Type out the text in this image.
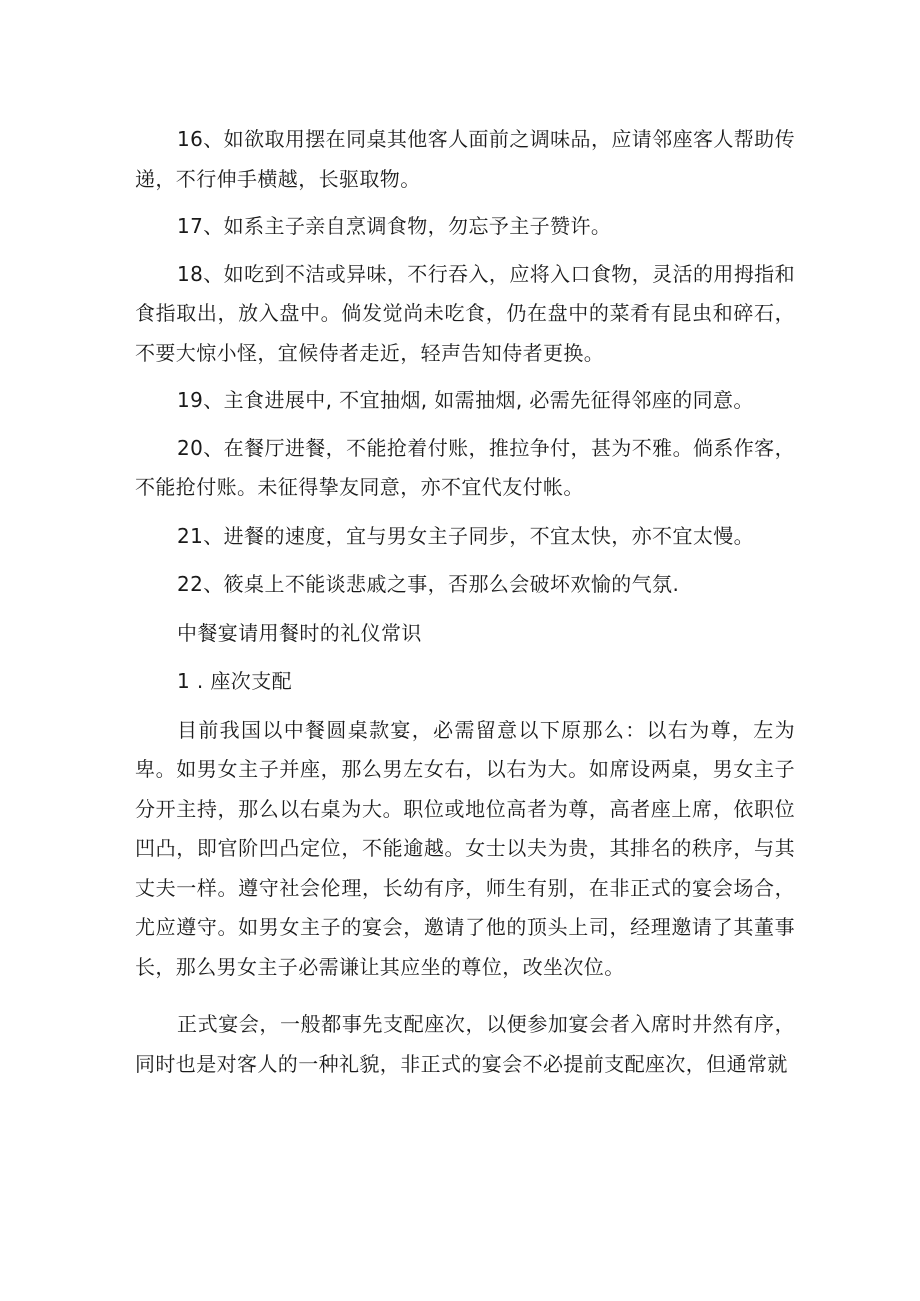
16、如欲取用摆在同桌其他客人面前之调味品，应请邻座客人帮助传递，不行伸手横越，长驱取物。

17、如系主子亲自烹调食物，勿忘予主子赞许。

18、如吃到不洁或异味，不行吞入，应将入口食物，灵活的用拇指和食指取出，放入盘中。倘发觉尚未吃食，仍在盘中的菜肴有昆虫和碎石，不要大惊小怪，宜候侍者走近，轻声告知侍者更换。

19、主食进展中, 不宜抽烟, 如需抽烟, 必需先征得邻座的同意。

20、在餐厅进餐，不能抢着付账，推拉争付，甚为不雅。倘系作客，不能抢付账。未征得挚友同意，亦不宜代友付帐。

21、进餐的速度，宜与男女主子同步，不宜太快，亦不宜太慢。

22、筱桌上不能谈悲戚之事，否那么会破坏欢愉的气氛.

中餐宴请用餐时的礼仪常识

1 . 座次支配

目前我国以中餐圆桌款宴，必需留意以下原那么：以右为尊，左为卑。如男女主子并座，那么男左女右，以右为大。如席设两桌，男女主子分开主持，那么以右桌为大。职位或地位高者为尊，高者座上席，依职位凹凸，即官阶凹凸定位，不能逾越。女士以夫为贵，其排名的秩序，与其丈夫一样。遵守社会伦理，长幼有序，师生有别，在非正式的宴会场合，尤应遵守。如男女主子的宴会，邀请了他的顶头上司，经理邀请了其董事长，那么男女主子必需谦让其应坐的尊位，改坐次位。

正式宴会，一般都事先支配座次，以便参加宴会者入席时井然有序，同时也是对客人的一种礼貌，非正式的宴会不必提前支配座次，但通常就
